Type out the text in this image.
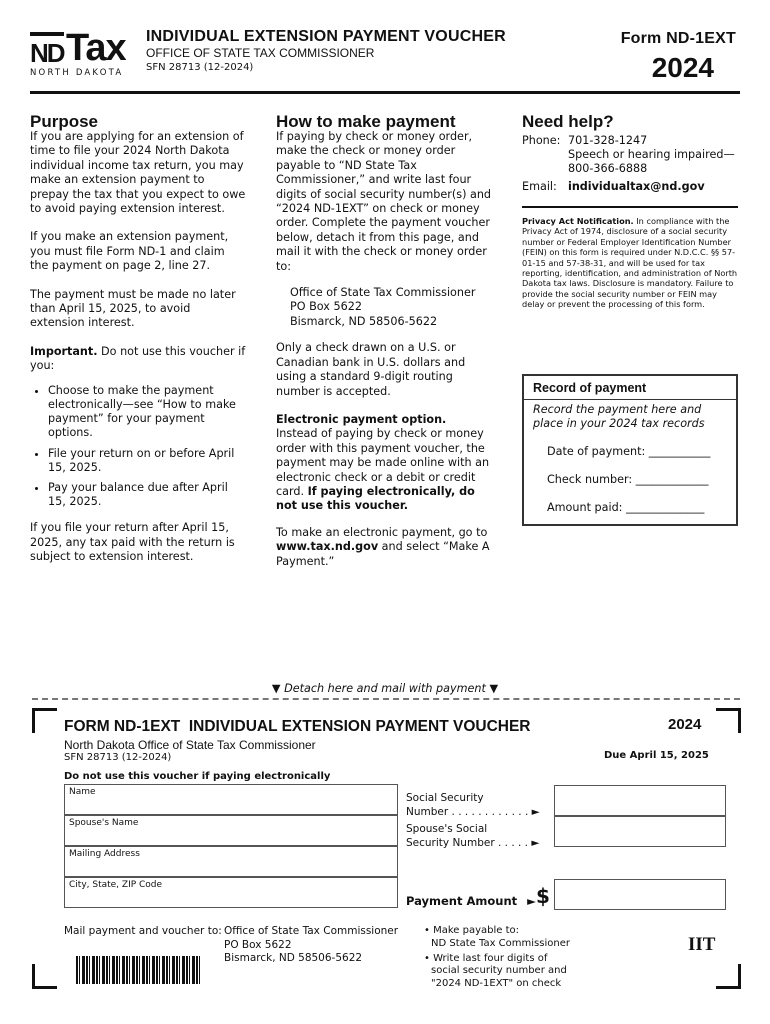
ND Tax
NORTH DAKOTA
INDIVIDUAL EXTENSION PAYMENT VOUCHER
OFFICE OF STATE TAX COMMISSIONER
SFN 28713 (12-2024)
Form ND-1EXT
2024
Purpose
If you are applying for an extension of time to file your 2024 North Dakota individual income tax return, you may make an extension payment to prepay the tax that you expect to owe to avoid paying extension interest.
If you make an extension payment, you must file Form ND-1 and claim the payment on page 2, line 27.
The payment must be made no later than April 15, 2025, to avoid extension interest.
Important. Do not use this voucher if you:
• Choose to make the payment electronically—see “How to make payment” for your payment options.
• File your return on or before April 15, 2025.
• Pay your balance due after April 15, 2025.
If you file your return after April 15, 2025, any tax paid with the return is subject to extension interest.
How to make payment
If paying by check or money order, make the check or money order payable to “ND State Tax Commissioner,” and write last four digits of social security number(s) and “2024 ND-1EXT” on check or money order. Complete the payment voucher below, detach it from this page, and mail it with the check or money order to:
Office of State Tax Commissioner
PO Box 5622
Bismarck, ND 58506-5622
Only a check drawn on a U.S. or Canadian bank in U.S. dollars and using a standard 9-digit routing number is accepted.
Electronic payment option.
Instead of paying by check or money order with this payment voucher, the payment may be made online with an electronic check or a debit or credit card. If paying electronically, do not use this voucher.
To make an electronic payment, go to www.tax.nd.gov and select “Make A Payment.”
Need help?
Phone: 701-328-1247
Speech or hearing impaired—
800-366-6888
Email: individualtax@nd.gov
Privacy Act Notification. In compliance with the Privacy Act of 1974, disclosure of a social security number or Federal Employer Identification Number (FEIN) on this form is required under N.D.C.C. §§ 57-01-15 and 57-38-31, and will be used for tax reporting, identification, and administration of North Dakota tax laws. Disclosure is mandatory. Failure to provide the social security number or FEIN may delay or prevent the processing of this form.
Record of payment
Record the payment here and place in your 2024 tax records
Date of payment: ___________
Check number: _____________
Amount paid: ______________
▼ Detach here and mail with payment ▼
FORM ND-1EXT  INDIVIDUAL EXTENSION PAYMENT VOUCHER	2024
North Dakota Office of State Tax Commissioner
SFN 28713 (12-2024)	Due April 15, 2025
Do not use this voucher if paying electronically
Name
Spouse's Name
Mailing Address
City, State, ZIP Code
Social Security
Number . . . . . . . . . . . . ►
Spouse's Social
Security Number . . . . . ►
Payment Amount ► $
Mail payment and voucher to: Office of State Tax Commissioner
PO Box 5622
Bismarck, ND 58506-5622
• Make payable to:
ND State Tax Commissioner
• Write last four digits of
social security number and
"2024 ND-1EXT" on check
IIT
